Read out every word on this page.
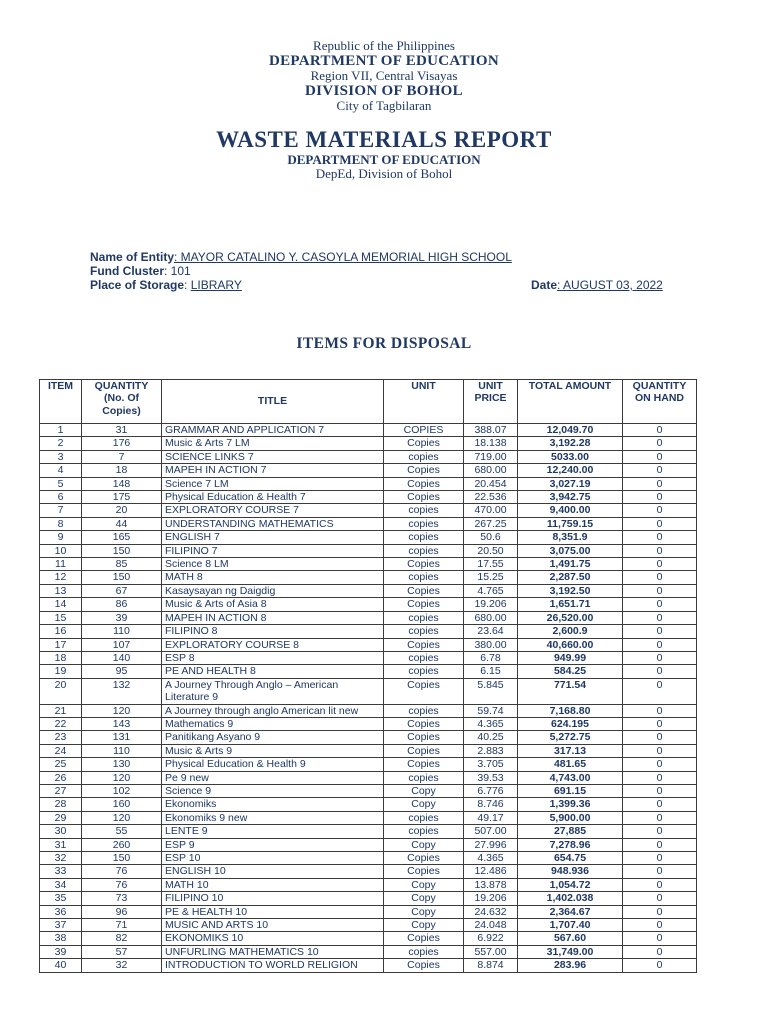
Republic of the Philippines
DEPARTMENT OF EDUCATION
Region VII, Central Visayas
DIVISION OF BOHOL
City of Tagbilaran
WASTE MATERIALS REPORT
DEPARTMENT OF EDUCATION
DepEd, Division of Bohol
Name of Entity: MAYOR CATALINO Y. CASOYLA MEMORIAL HIGH SCHOOL
Fund Cluster: 101
Place of Storage: LIBRARY	Date: AUGUST 03, 2022
ITEMS FOR DISPOSAL
ITEM	QUANTITY (No. Of Copies)	TITLE	UNIT	UNIT PRICE	TOTAL AMOUNT	QUANTITY ON HAND
1	31	GRAMMAR AND APPLICATION 7	COPIES	388.07	12,049.70	0
2	176	Music & Arts 7 LM	Copies	18.138	3,192.28	0
3	7	SCIENCE LINKS 7	copies	719.00	5033.00	0
4	18	MAPEH IN ACTION 7	Copies	680.00	12,240.00	0
5	148	Science 7 LM	Copies	20.454	3,027.19	0
6	175	Physical Education & Health 7	Copies	22.536	3,942.75	0
7	20	EXPLORATORY COURSE 7	copies	470.00	9,400.00	0
8	44	UNDERSTANDING MATHEMATICS	copies	267.25	11,759.15	0
9	165	ENGLISH 7	copies	50.6	8,351.9	0
10	150	FILIPINO 7	copies	20.50	3,075.00	0
11	85	Science 8 LM	Copies	17.55	1,491.75	0
12	150	MATH 8	copies	15.25	2,287.50	0
13	67	Kasaysayan ng Daigdig	Copies	4.765	3,192.50	0
14	86	Music & Arts of Asia 8	Copies	19.206	1,651.71	0
15	39	MAPEH IN ACTION 8	copies	680.00	26,520.00	0
16	110	FILIPINO 8	copies	23.64	2,600.9	0
17	107	EXPLORATORY COURSE 8	Copies	380.00	40,660.00	0
18	140	ESP 8	copies	6.78	949.99	0
19	95	PE AND HEALTH 8	copies	6.15	584.25	0
20	132	A Journey Through Anglo – American Literature 9	Copies	5.845	771.54	0
21	120	A Journey through anglo American lit new	copies	59.74	7,168.80	0
22	143	Mathematics 9	Copies	4.365	624.195	0
23	131	Panitikang Asyano 9	Copies	40.25	5,272.75	0
24	110	Music & Arts 9	Copies	2.883	317.13	0
25	130	Physical Education & Health 9	Copies	3.705	481.65	0
26	120	Pe 9 new	copies	39.53	4,743.00	0
27	102	Science 9	Copy	6.776	691.15	0
28	160	Ekonomiks	Copy	8.746	1,399.36	0
29	120	Ekonomiks 9 new	copies	49.17	5,900.00	0
30	55	LENTE 9	copies	507.00	27,885	0
31	260	ESP 9	Copy	27.996	7,278.96	0
32	150	ESP 10	Copies	4.365	654.75	0
33	76	ENGLISH 10	Copies	12.486	948.936	0
34	76	MATH 10	Copy	13.878	1,054.72	0
35	73	FILIPINO 10	Copy	19.206	1,402.038	0
36	96	PE & HEALTH 10	Copy	24.632	2,364.67	0
37	71	MUSIC AND ARTS 10	Copy	24.048	1,707.40	0
38	82	EKONOMIKS 10	Copies	6.922	567.60	0
39	57	UNFURLING MATHEMATICS 10	copies	557.00	31,749.00	0
40	32	INTRODUCTION TO WORLD RELIGION	Copies	8.874	283.96	0
